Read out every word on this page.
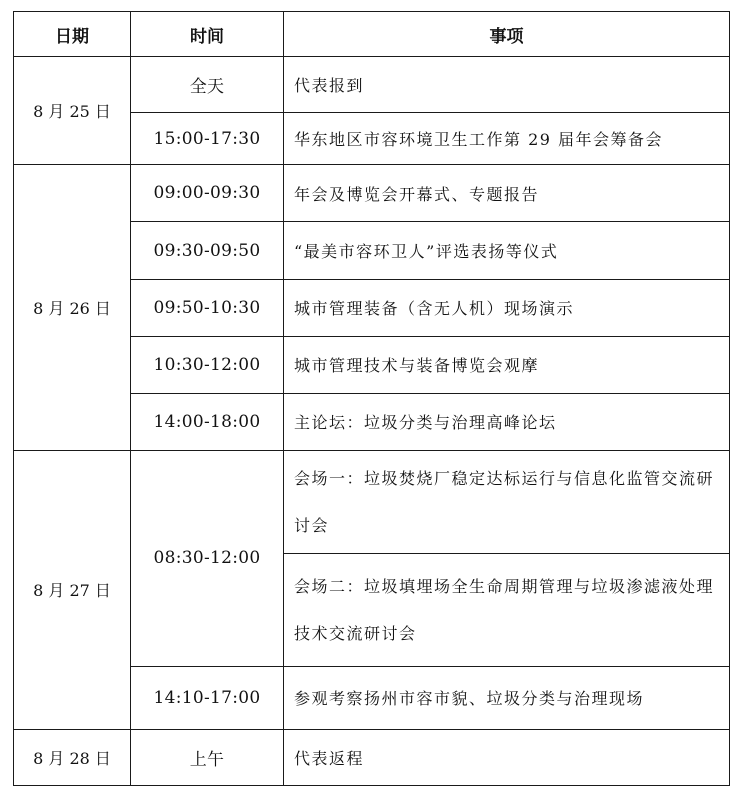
日期	时间	事项
8 月 25 日	全天	代表报到
	15:00-17:30	华东地区市容环境卫生工作第 29 届年会筹备会
8 月 26 日	09:00-09:30	年会及博览会开幕式、专题报告
	09:30-09:50	“最美市容环卫人”评选表扬等仪式
	09:50-10:30	城市管理装备（含无人机）现场演示
	10:30-12:00	城市管理技术与装备博览会观摩
	14:00-18:00	主论坛：垃圾分类与治理高峰论坛
8 月 27 日	08:30-12:00	会场一：垃圾焚烧厂稳定达标运行与信息化监管交流研讨会
		会场二：垃圾填埋场全生命周期管理与垃圾渗滤液处理技术交流研讨会
	14:10-17:00	参观考察扬州市容市貌、垃圾分类与治理现场
8 月 28 日	上午	代表返程
